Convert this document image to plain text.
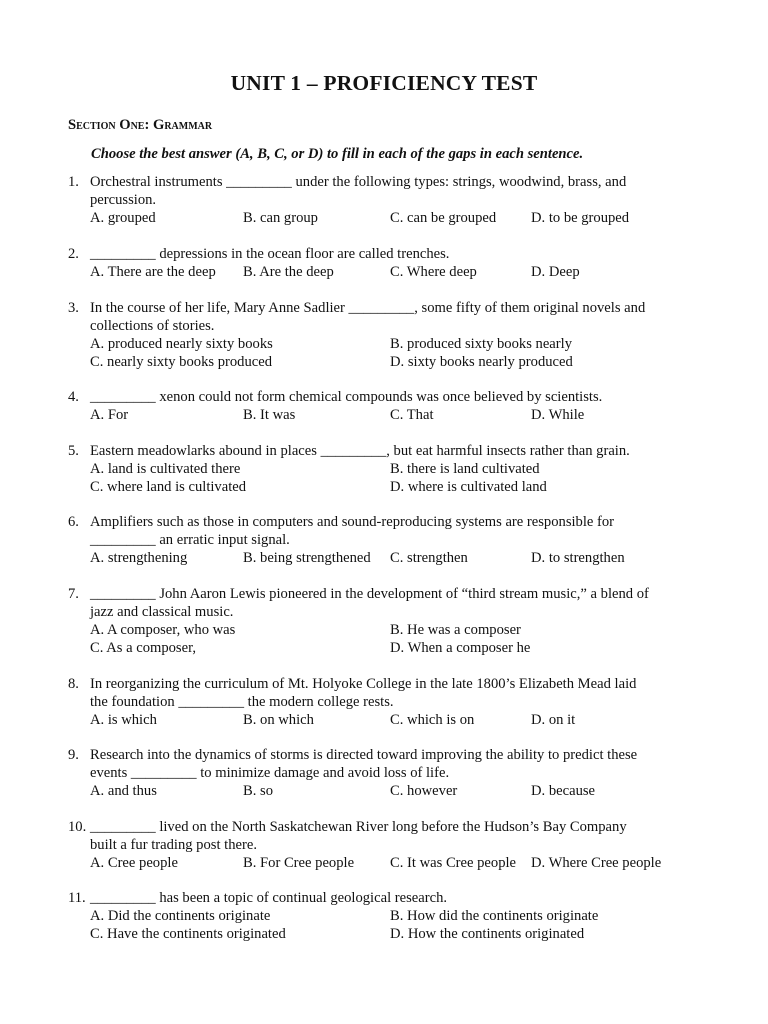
UNIT 1 – PROFICIENCY TEST
Section One: Grammar
Choose the best answer (A, B, C, or D) to fill in each of the gaps in each sentence.
1. Orchestral instruments _________ under the following types: strings, woodwind, brass, and
percussion.
A. grouped	B. can group	C. can be grouped D. to be grouped
2. _________ depressions in the ocean floor are called trenches.
A. There are the deep B. Are the deep	C. Where deep	D. Deep
3. In the course of her life, Mary Anne Sadlier _________, some fifty of them original novels and
collections of stories.
A. produced nearly sixty books	B. produced sixty books nearly
C. nearly sixty books produced	D. sixty books nearly produced
4. _________ xenon could not form chemical compounds was once believed by scientists.
A. For	B. It was	C. That	D. While
5. Eastern meadowlarks abound in places _________, but eat harmful insects rather than grain.
A. land is cultivated there	B. there is land cultivated
C. where land is cultivated	D. where is cultivated land
6. Amplifiers such as those in computers and sound-reproducing systems are responsible for
_________ an erratic input signal.
A. strengthening	B. being strengthened C. strengthen	D. to strengthen
7. _________ John Aaron Lewis pioneered in the development of “third stream music,” a blend of
jazz and classical music.
A. A composer, who was	B. He was a composer
C. As a composer,	D. When a composer he
8. In reorganizing the curriculum of Mt. Holyoke College in the late 1800’s Elizabeth Mead laid
the foundation _________ the modern college rests.
A. is which	B. on which	C. which is on	D. on it
9. Research into the dynamics of storms is directed toward improving the ability to predict these
events _________ to minimize damage and avoid loss of life.
A. and thus	B. so	C. however	D. because
10. _________ lived on the North Saskatchewan River long before the Hudson’s Bay Company
built a fur trading post there.
A. Cree people	B. For Cree people C. It was Cree people D. Where Cree people
11. _________ has been a topic of continual geological research.
A. Did the continents originate	B. How did the continents originate
C. Have the continents originated	D. How the continents originated
